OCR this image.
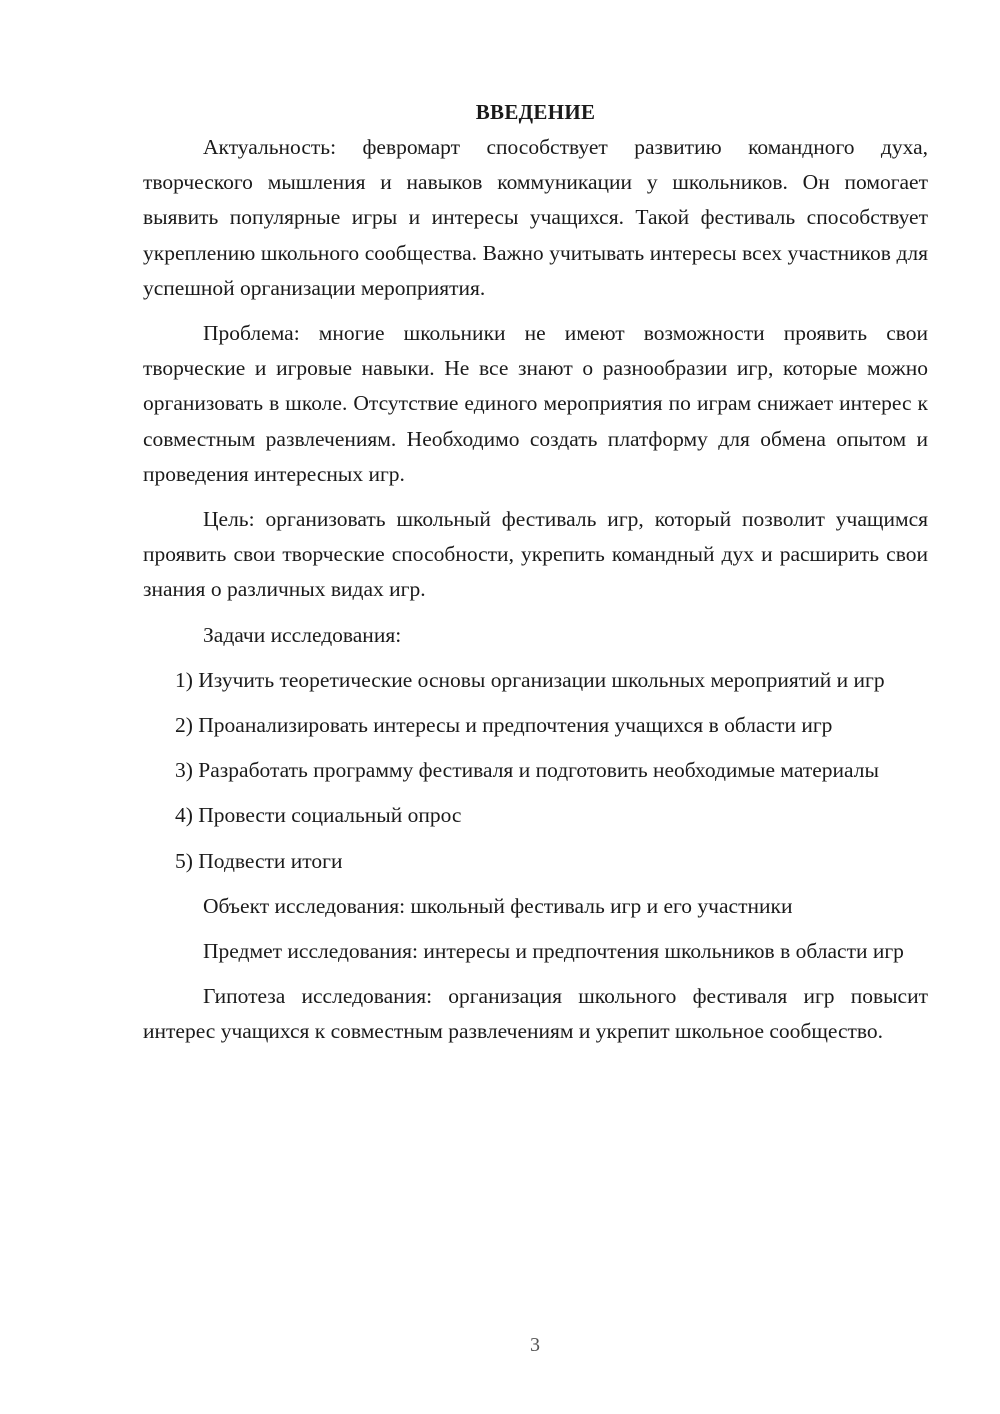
ВВЕДЕНИЕ

Актуальность: февромарт способствует развитию командного духа, творческого мышления и навыков коммуникации у школьников. Он помогает выявить популярные игры и интересы учащихся. Такой фестиваль способствует укреплению школьного сообщества. Важно учитывать интересы всех участников для успешной организации мероприятия.

Проблема: многие школьники не имеют возможности проявить свои творческие и игровые навыки. Не все знают о разнообразии игр, которые можно организовать в школе. Отсутствие единого мероприятия по играм снижает интерес к совместным развлечениям. Необходимо создать платформу для обмена опытом и проведения интересных игр.

Цель: организовать школьный фестиваль игр, который позволит учащимся проявить свои творческие способности, укрепить командный дух и расширить свои знания о различных видах игр.

Задачи исследования:

1) Изучить теоретические основы организации школьных мероприятий и игр

2) Проанализировать интересы и предпочтения учащихся в области игр

3) Разработать программу фестиваля и подготовить необходимые материалы

4) Провести социальный опрос

5) Подвести итоги

Объект исследования: школьный фестиваль игр и его участники

Предмет исследования: интересы и предпочтения школьников в области игр

Гипотеза исследования: организация школьного фестиваля игр повысит интерес учащихся к совместным развлечениям и укрепит школьное сообщество.

3
